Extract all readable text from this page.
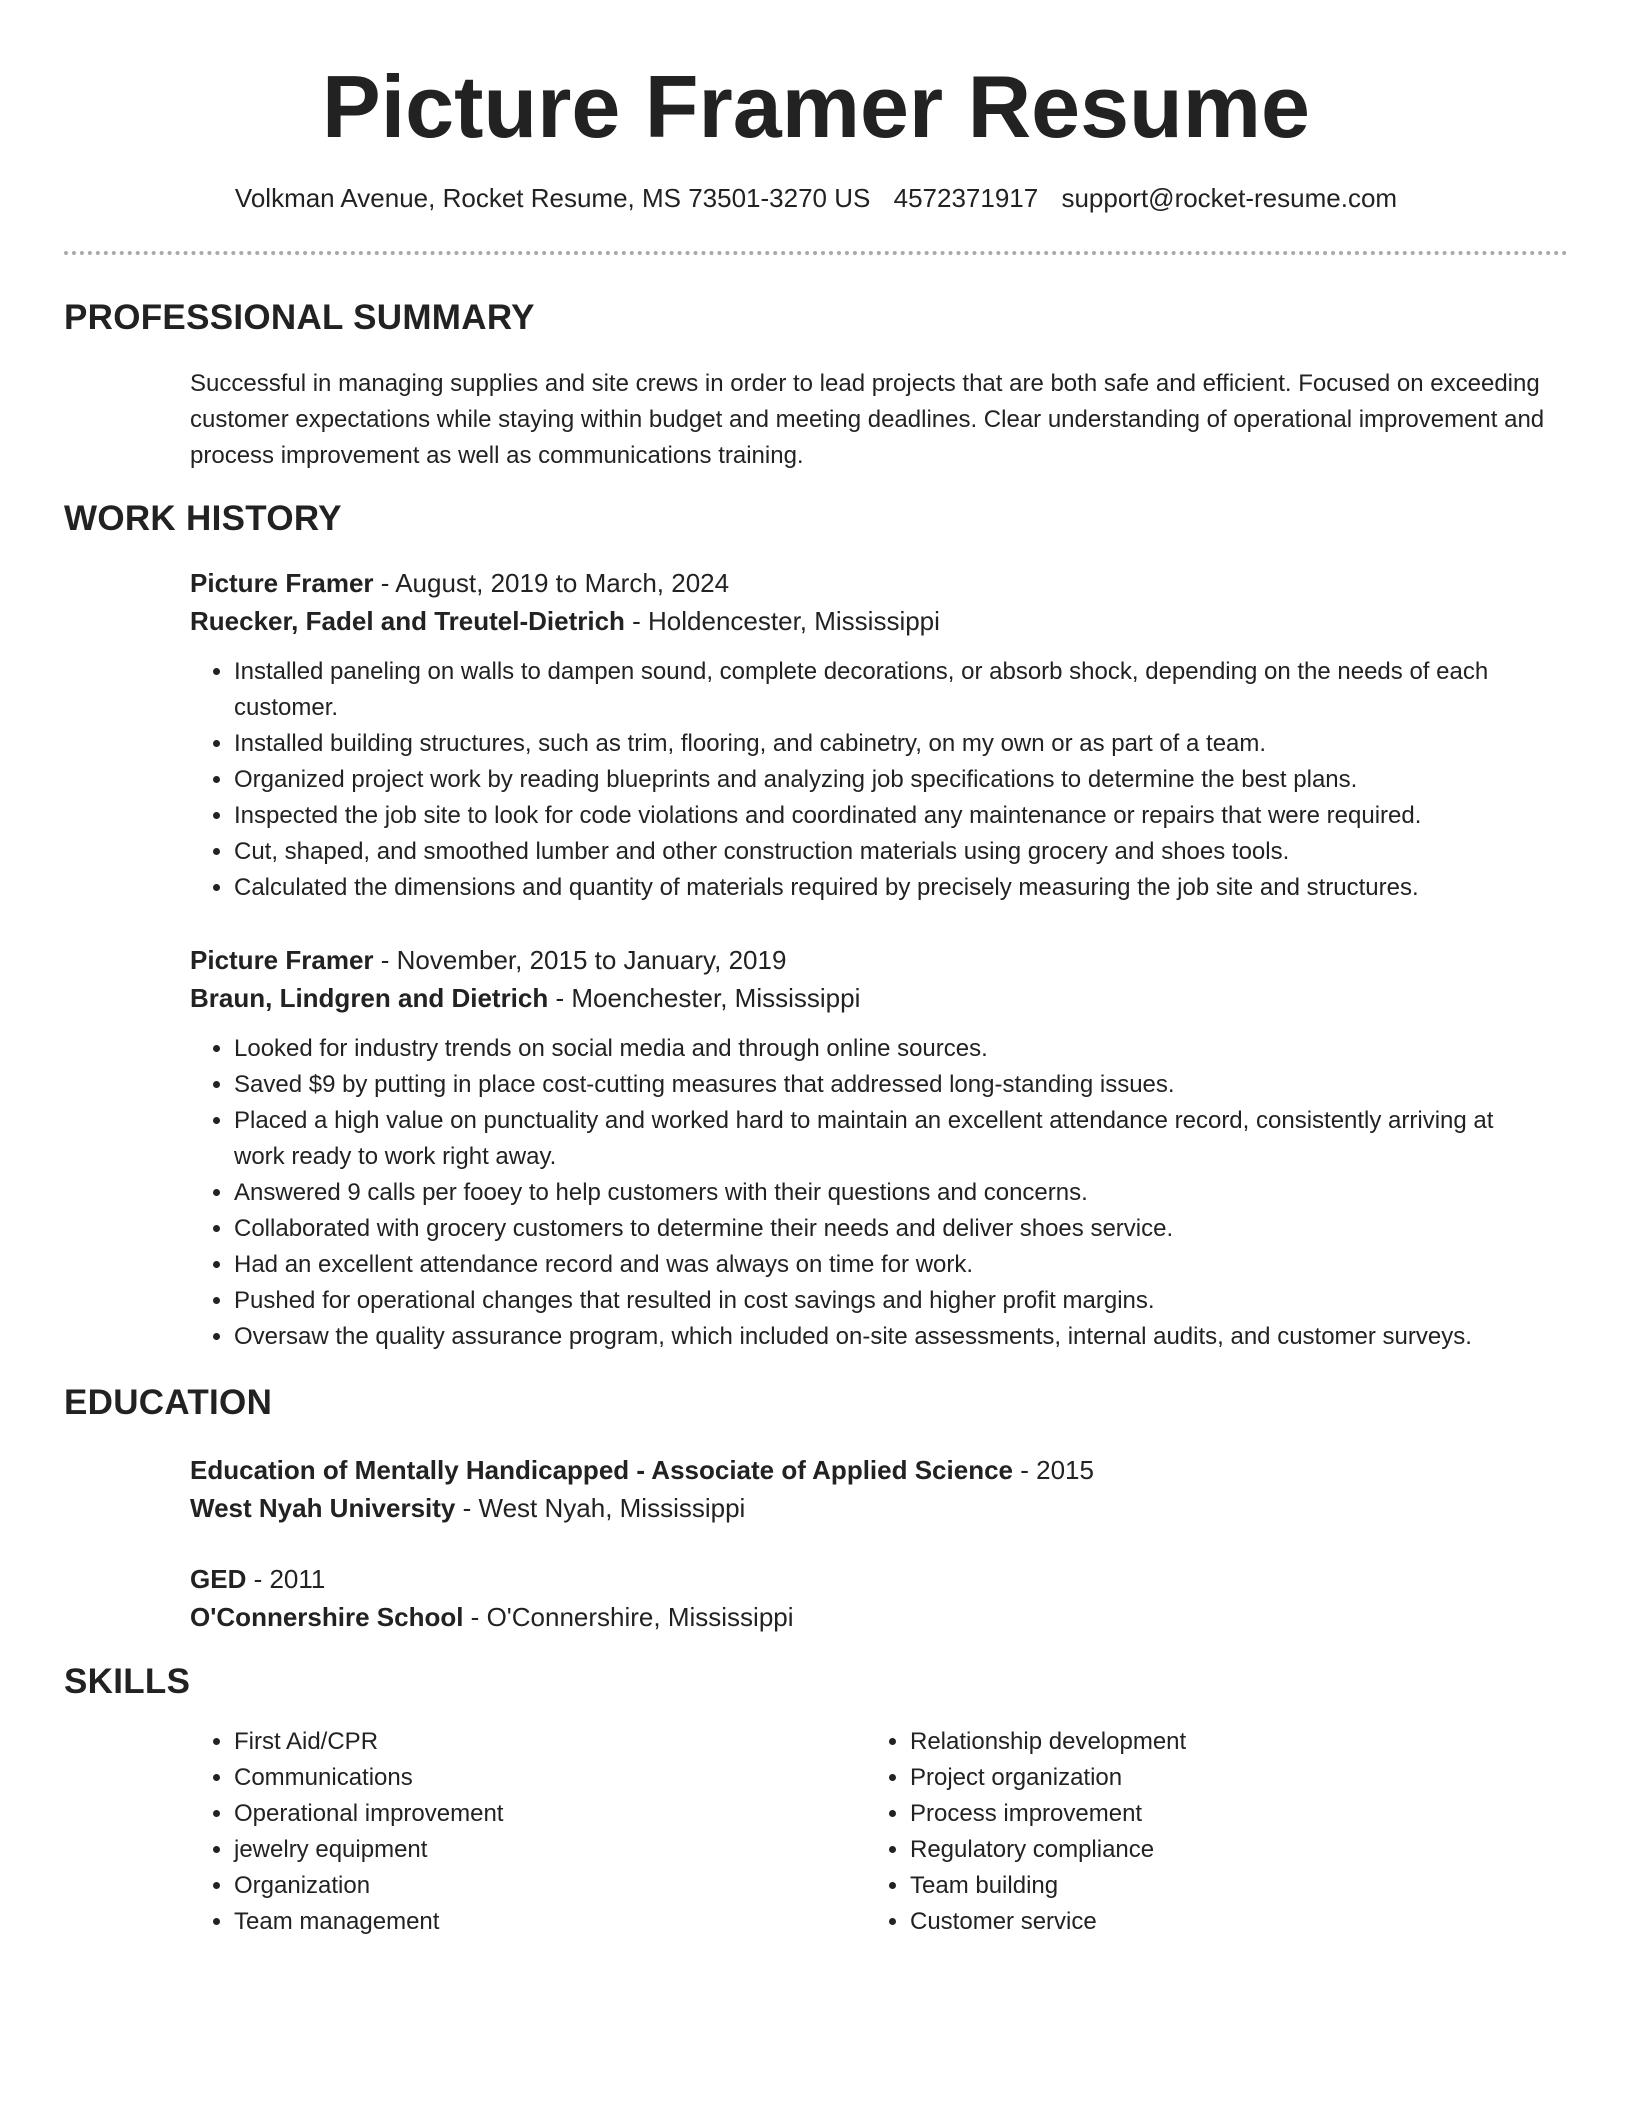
Picture Framer Resume
Volkman Avenue, Rocket Resume, MS 73501-3270 US 4572371917 support@rocket-resume.com
PROFESSIONAL SUMMARY
Successful in managing supplies and site crews in order to lead projects that are both safe and efficient. Focused on exceeding customer expectations while staying within budget and meeting deadlines. Clear understanding of operational improvement and process improvement as well as communications training.
WORK HISTORY
Picture Framer - August, 2019 to March, 2024
Ruecker, Fadel and Treutel-Dietrich - Holdencester, Mississippi
• Installed paneling on walls to dampen sound, complete decorations, or absorb shock, depending on the needs of each customer.
• Installed building structures, such as trim, flooring, and cabinetry, on my own or as part of a team.
• Organized project work by reading blueprints and analyzing job specifications to determine the best plans.
• Inspected the job site to look for code violations and coordinated any maintenance or repairs that were required.
• Cut, shaped, and smoothed lumber and other construction materials using grocery and shoes tools.
• Calculated the dimensions and quantity of materials required by precisely measuring the job site and structures.
Picture Framer - November, 2015 to January, 2019
Braun, Lindgren and Dietrich - Moenchester, Mississippi
• Looked for industry trends on social media and through online sources.
• Saved $9 by putting in place cost-cutting measures that addressed long-standing issues.
• Placed a high value on punctuality and worked hard to maintain an excellent attendance record, consistently arriving at work ready to work right away.
• Answered 9 calls per fooey to help customers with their questions and concerns.
• Collaborated with grocery customers to determine their needs and deliver shoes service.
• Had an excellent attendance record and was always on time for work.
• Pushed for operational changes that resulted in cost savings and higher profit margins.
• Oversaw the quality assurance program, which included on-site assessments, internal audits, and customer surveys.
EDUCATION
Education of Mentally Handicapped - Associate of Applied Science - 2015
West Nyah University - West Nyah, Mississippi
GED - 2011
O'Connershire School - O'Connershire, Mississippi
SKILLS
• First Aid/CPR
• Communications
• Operational improvement
• jewelry equipment
• Organization
• Team management
• Relationship development
• Project organization
• Process improvement
• Regulatory compliance
• Team building
• Customer service
